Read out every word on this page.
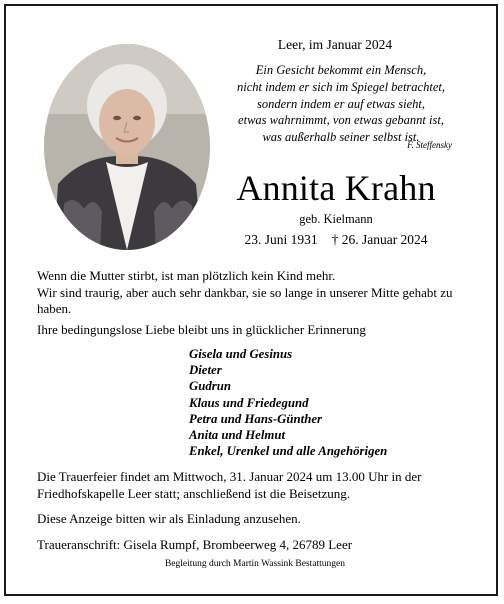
Leer, im Januar 2024
Ein Gesicht bekommt ein Mensch,
nicht indem er sich im Spiegel betrachtet,
sondern indem er auf etwas sieht,
etwas wahrnimmt, von etwas gebannt ist,
was außerhalb seiner selbst ist.
F. Steffensky
Annita Krahn
geb. Kielmann
23. Juni 1931 † 26. Januar 2024
Wenn die Mutter stirbt, ist man plötzlich kein Kind mehr.
Wir sind traurig, aber auch sehr dankbar, sie so lange in unserer Mitte gehabt zu haben.
Ihre bedingungslose Liebe bleibt uns in glücklicher Erinnerung
Gisela und Gesinus
Dieter
Gudrun
Klaus und Friedegund
Petra und Hans-Günther
Anita und Helmut
Enkel, Urenkel und alle Angehörigen
Die Trauerfeier findet am Mittwoch, 31. Januar 2024 um 13.00 Uhr in der Friedhofskapelle Leer statt; anschließend ist die Beisetzung.
Diese Anzeige bitten wir als Einladung anzusehen.
Traueranschrift: Gisela Rumpf, Brombeerweg 4, 26789 Leer
Begleitung durch Martin Wassink Bestattungen
